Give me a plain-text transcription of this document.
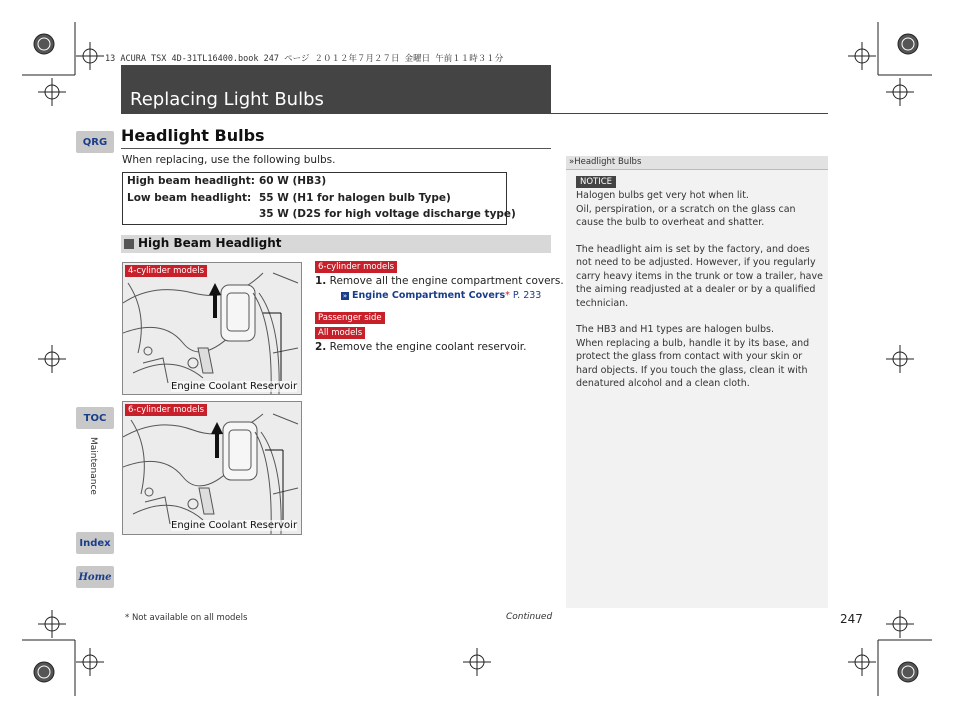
13 ACURA TSX 4D-31TL16400.book 247 ページ ２０１２年７月２７日 金曜日 午前１１時３１分
Replacing Light Bulbs
QRG
TOC
Maintenance
Index
Home
Headlight Bulbs
When replacing, use the following bulbs.
High beam headlight: 60 W (HB3)
Low beam headlight: 55 W (H1 for halogen bulb Type)
35 W (D2S for high voltage discharge type)
High Beam Headlight
4-cylinder models
Engine Coolant Reservoir
6-cylinder models
Engine Coolant Reservoir
6-cylinder models
1. Remove all the engine compartment covers.
» Engine Compartment Covers* P. 233
Passenger side
All models
2. Remove the engine coolant reservoir.
»Headlight Bulbs
NOTICE
Halogen bulbs get very hot when lit.
Oil, perspiration, or a scratch on the glass can cause the bulb to overheat and shatter.
The headlight aim is set by the factory, and does not need to be adjusted. However, if you regularly carry heavy items in the trunk or tow a trailer, have the aiming readjusted at a dealer or by a qualified technician.
The HB3 and H1 types are halogen bulbs.
When replacing a bulb, handle it by its base, and protect the glass from contact with your skin or hard objects. If you touch the glass, clean it with denatured alcohol and a clean cloth.
* Not available on all models	Continued	247
